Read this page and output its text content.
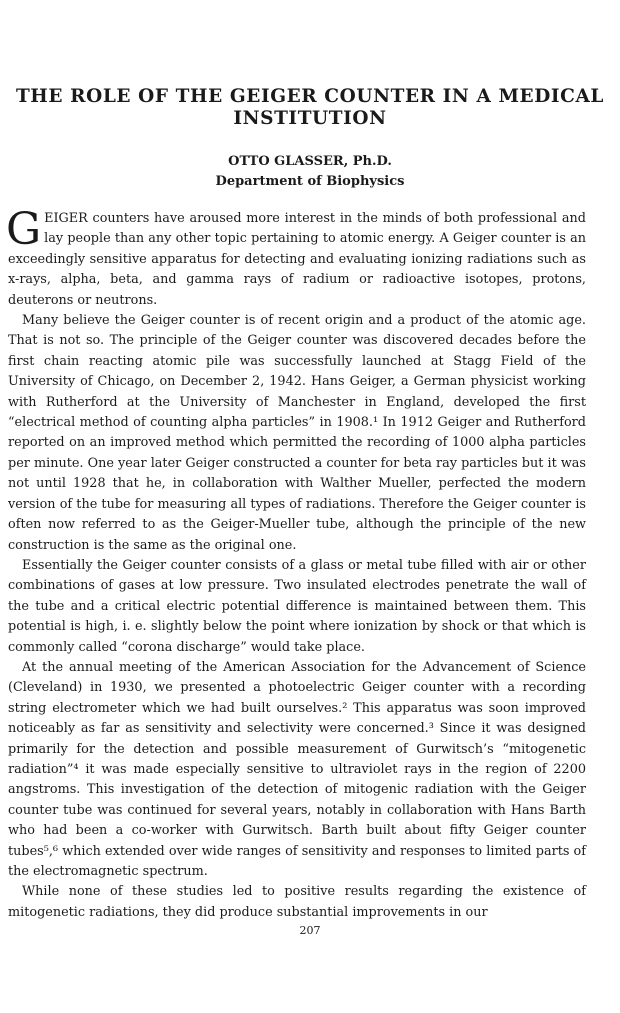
THE ROLE OF THE GEIGER COUNTER IN A MEDICAL INSTITUTION
OTTO GLASSER, Ph.D.
Department of Biophysics

GEIGER counters have aroused more interest in the minds of both professional and lay people than any other topic pertaining to atomic energy. A Geiger counter is an exceedingly sensitive apparatus for detecting and evaluating ionizing radiations such as x-rays, alpha, beta, and gamma rays of radium or radioactive isotopes, protons, deuterons or neutrons.

Many believe the Geiger counter is of recent origin and a product of the atomic age. That is not so. The principle of the Geiger counter was discovered decades before the first chain reacting atomic pile was successfully launched at Stagg Field of the University of Chicago, on December 2, 1942. Hans Geiger, a German physicist working with Rutherford at the University of Manchester in England, developed the first “electrical method of counting alpha particles” in 1908.¹ In 1912 Geiger and Rutherford reported on an improved method which permitted the recording of 1000 alpha particles per minute. One year later Geiger constructed a counter for beta ray particles but it was not until 1928 that he, in collaboration with Walther Mueller, perfected the modern version of the tube for measuring all types of radiations. Therefore the Geiger counter is often now referred to as the Geiger-Mueller tube, although the principle of the new construction is the same as the original one.

Essentially the Geiger counter consists of a glass or metal tube filled with air or other combinations of gases at low pressure. Two insulated electrodes penetrate the wall of the tube and a critical electric potential difference is maintained between them. This potential is high, i. e. slightly below the point where ionization by shock or that which is commonly called “corona discharge” would take place.

At the annual meeting of the American Association for the Advancement of Science (Cleveland) in 1930, we presented a photoelectric Geiger counter with a recording string electrometer which we had built ourselves.² This apparatus was soon improved noticeably as far as sensitivity and selectivity were concerned.³ Since it was designed primarily for the detection and possible measurement of Gurwitsch’s “mitogenetic radiation”⁴ it was made especially sensitive to ultraviolet rays in the region of 2200 angstroms. This investigation of the detection of mitogenic radiation with the Geiger counter tube was continued for several years, notably in collaboration with Hans Barth who had been a co-worker with Gurwitsch. Barth built about fifty Geiger counter tubes⁵,⁶ which extended over wide ranges of sensitivity and responses to limited parts of the electromagnetic spectrum.

While none of these studies led to positive results regarding the existence of mitogenetic radiations, they did produce substantial improvements in our

207
